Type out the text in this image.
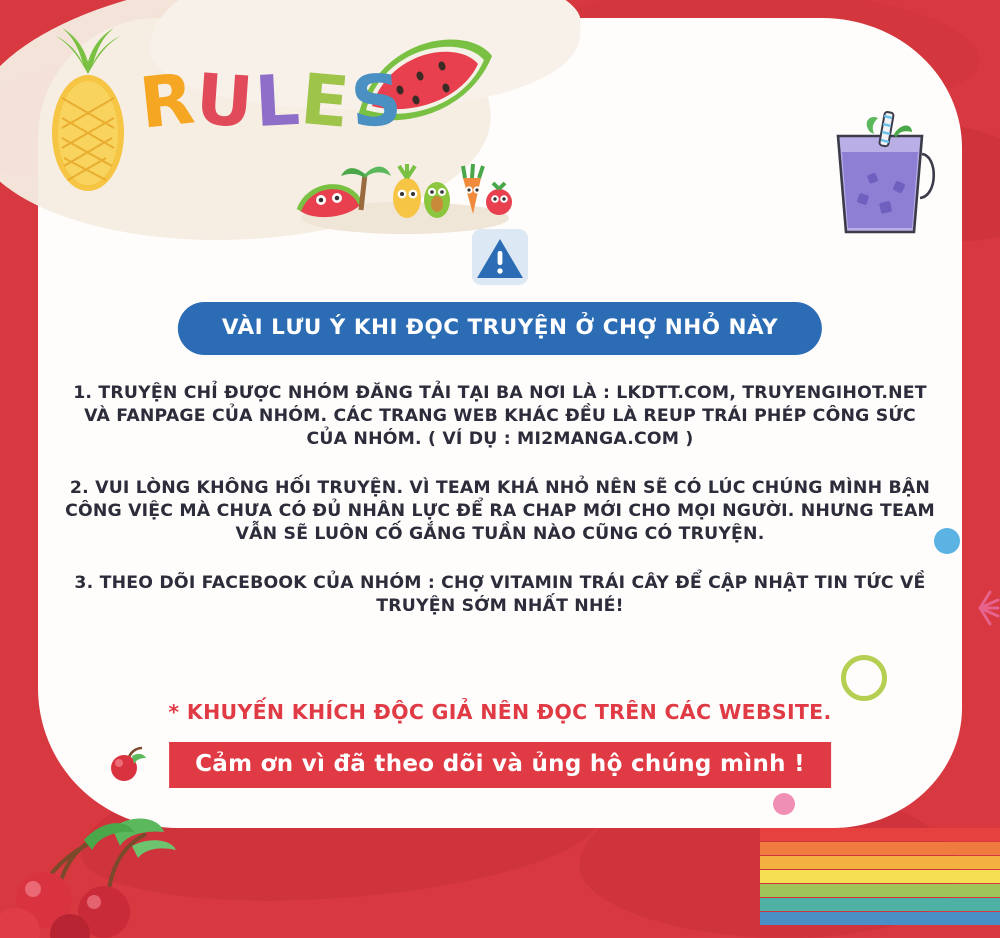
RULES
VÀI LƯU Ý KHI ĐỌC TRUYỆN Ở CHỢ NHỎ NÀY

1. TRUYỆN CHỈ ĐƯỢC NHÓM ĐĂNG TẢI TẠI BA NƠI LÀ : LKDTT.COM, TRUYENGIHOT.NET VÀ FANPAGE CỦA NHÓM. CÁC TRANG WEB KHÁC ĐỀU LÀ REUP TRÁI PHÉP CÔNG SỨC CỦA NHÓM. ( VÍ DỤ : MI2MANGA.COM )

2. VUI LÒNG KHÔNG HỐI TRUYỆN. VÌ TEAM KHÁ NHỎ NÊN SẼ CÓ LÚC CHÚNG MÌNH BẬN CÔNG VIỆC MÀ CHƯA CÓ ĐỦ NHÂN LỰC ĐỂ RA CHAP MỚI CHO MỌI NGƯỜI. NHƯNG TEAM VẪN SẼ LUÔN CỐ GẮNG TUẦN NÀO CŨNG CÓ TRUYỆN.

3. THEO DÕI FACEBOOK CỦA NHÓM : CHỢ VITAMIN TRÁI CÂY ĐỂ CẬP NHẬT TIN TỨC VỀ TRUYỆN SỚM NHẤT NHÉ!

* KHUYẾN KHÍCH ĐỘC GIẢ NÊN ĐỌC TRÊN CÁC WEBSITE.
Cảm ơn vì đã theo dõi và ủng hộ chúng mình !
